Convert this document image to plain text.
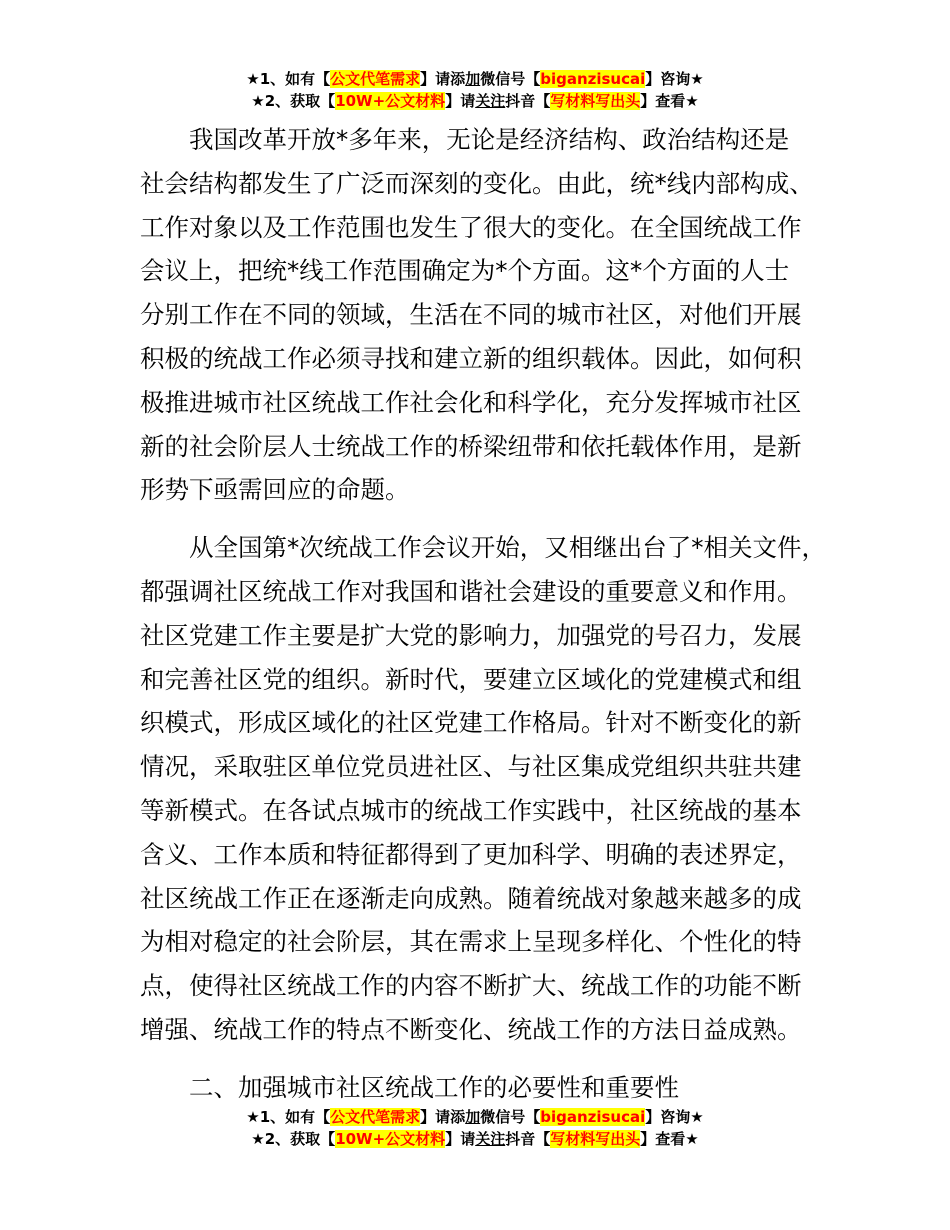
★1、如有【公文代笔需求】请添加微信号【biganzisucai】咨询★
★2、获取【10W+公文材料】请关注抖音【写材料写出头】查看★
我国改革开放*多年来，无论是经济结构、政治结构还是
社会结构都发生了广泛而深刻的变化。由此，统*线内部构成、
工作对象以及工作范围也发生了很大的变化。在全国统战工作
会议上，把统*线工作范围确定为*个方面。这*个方面的人士
分别工作在不同的领域，生活在不同的城市社区，对他们开展
积极的统战工作必须寻找和建立新的组织载体。因此，如何积
极推进城市社区统战工作社会化和科学化，充分发挥城市社区
新的社会阶层人士统战工作的桥梁纽带和依托载体作用，是新
形势下亟需回应的命题。
从全国第*次统战工作会议开始，又相继出台了*相关文件，
都强调社区统战工作对我国和谐社会建设的重要意义和作用。
社区党建工作主要是扩大党的影响力，加强党的号召力，发展
和完善社区党的组织。新时代，要建立区域化的党建模式和组
织模式，形成区域化的社区党建工作格局。针对不断变化的新
情况，采取驻区单位党员进社区、与社区集成党组织共驻共建
等新模式。在各试点城市的统战工作实践中，社区统战的基本
含义、工作本质和特征都得到了更加科学、明确的表述界定，
社区统战工作正在逐渐走向成熟。随着统战对象越来越多的成
为相对稳定的社会阶层，其在需求上呈现多样化、个性化的特
点，使得社区统战工作的内容不断扩大、统战工作的功能不断
增强、统战工作的特点不断变化、统战工作的方法日益成熟。
二、加强城市社区统战工作的必要性和重要性
★1、如有【公文代笔需求】请添加微信号【biganzisucai】咨询★
★2、获取【10W+公文材料】请关注抖音【写材料写出头】查看★
